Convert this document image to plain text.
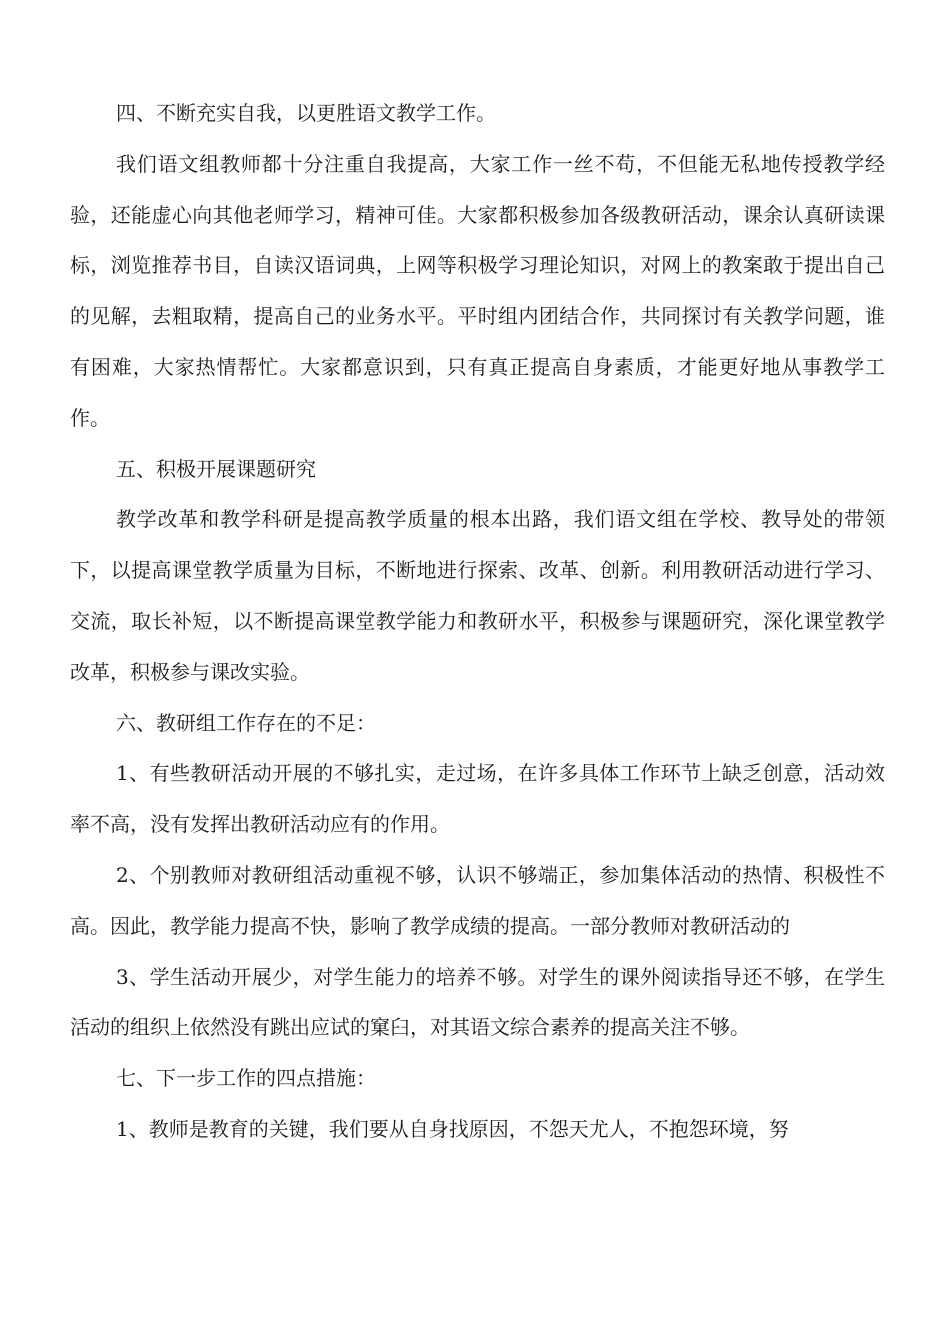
四、不断充实自我，以更胜语文教学工作。

我们语文组教师都十分注重自我提高，大家工作一丝不苟，不但能无私地传授教学经验，还能虚心向其他老师学习，精神可佳。大家都积极参加各级教研活动，课余认真研读课标，浏览推荐书目，自读汉语词典，上网等积极学习理论知识，对网上的教案敢于提出自己的见解，去粗取精，提高自己的业务水平。平时组内团结合作，共同探讨有关教学问题，谁有困难，大家热情帮忙。大家都意识到，只有真正提高自身素质，才能更好地从事教学工作。

五、积极开展课题研究

教学改革和教学科研是提高教学质量的根本出路，我们语文组在学校、教导处的带领下，以提高课堂教学质量为目标，不断地进行探索、改革、创新。利用教研活动进行学习、交流，取长补短，以不断提高课堂教学能力和教研水平，积极参与课题研究，深化课堂教学改革，积极参与课改实验。

六、教研组工作存在的不足：

1、有些教研活动开展的不够扎实，走过场，在许多具体工作环节上缺乏创意，活动效率不高，没有发挥出教研活动应有的作用。

2、个别教师对教研组活动重视不够，认识不够端正，参加集体活动的热情、积极性不高。因此，教学能力提高不快，影响了教学成绩的提高。一部分教师对教研活动的

3、学生活动开展少，对学生能力的培养不够。对学生的课外阅读指导还不够，在学生活动的组织上依然没有跳出应试的窠臼，对其语文综合素养的提高关注不够。

七、下一步工作的四点措施：

1、教师是教育的关键，我们要从自身找原因，不怨天尤人，不抱怨环境，努
